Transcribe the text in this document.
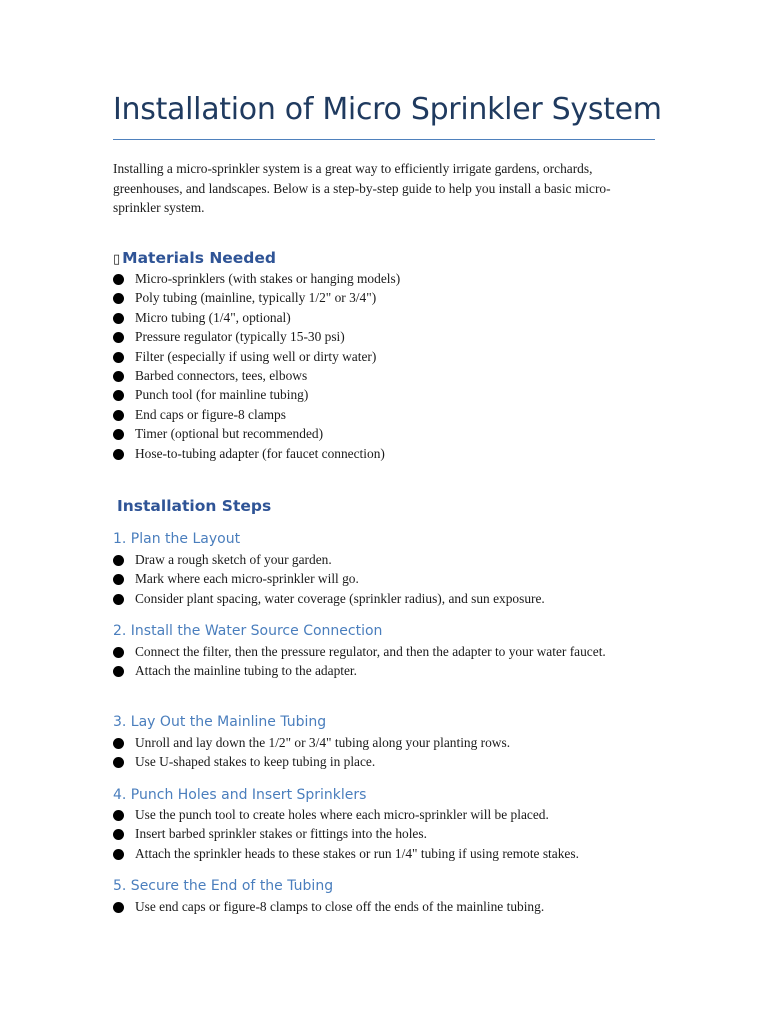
Installation of Micro Sprinkler System
Installing a micro-sprinkler system is a great way to efficiently irrigate gardens, orchards, greenhouses, and landscapes. Below is a step-by-step guide to help you install a basic micro-sprinkler system.
▯ Materials Needed
Micro-sprinklers (with stakes or hanging models)
Poly tubing (mainline, typically 1/2" or 3/4")
Micro tubing (1/4", optional)
Pressure regulator (typically 15-30 psi)
Filter (especially if using well or dirty water)
Barbed connectors, tees, elbows
Punch tool (for mainline tubing)
End caps or figure-8 clamps
Timer (optional but recommended)
Hose-to-tubing adapter (for faucet connection)
Installation Steps
1. Plan the Layout
Draw a rough sketch of your garden.
Mark where each micro-sprinkler will go.
Consider plant spacing, water coverage (sprinkler radius), and sun exposure.
2. Install the Water Source Connection
Connect the filter, then the pressure regulator, and then the adapter to your water faucet.
Attach the mainline tubing to the adapter.
3. Lay Out the Mainline Tubing
Unroll and lay down the 1/2" or 3/4" tubing along your planting rows.
Use U-shaped stakes to keep tubing in place.
4. Punch Holes and Insert Sprinklers
Use the punch tool to create holes where each micro-sprinkler will be placed.
Insert barbed sprinkler stakes or fittings into the holes.
Attach the sprinkler heads to these stakes or run 1/4" tubing if using remote stakes.
5. Secure the End of the Tubing
Use end caps or figure-8 clamps to close off the ends of the mainline tubing.
